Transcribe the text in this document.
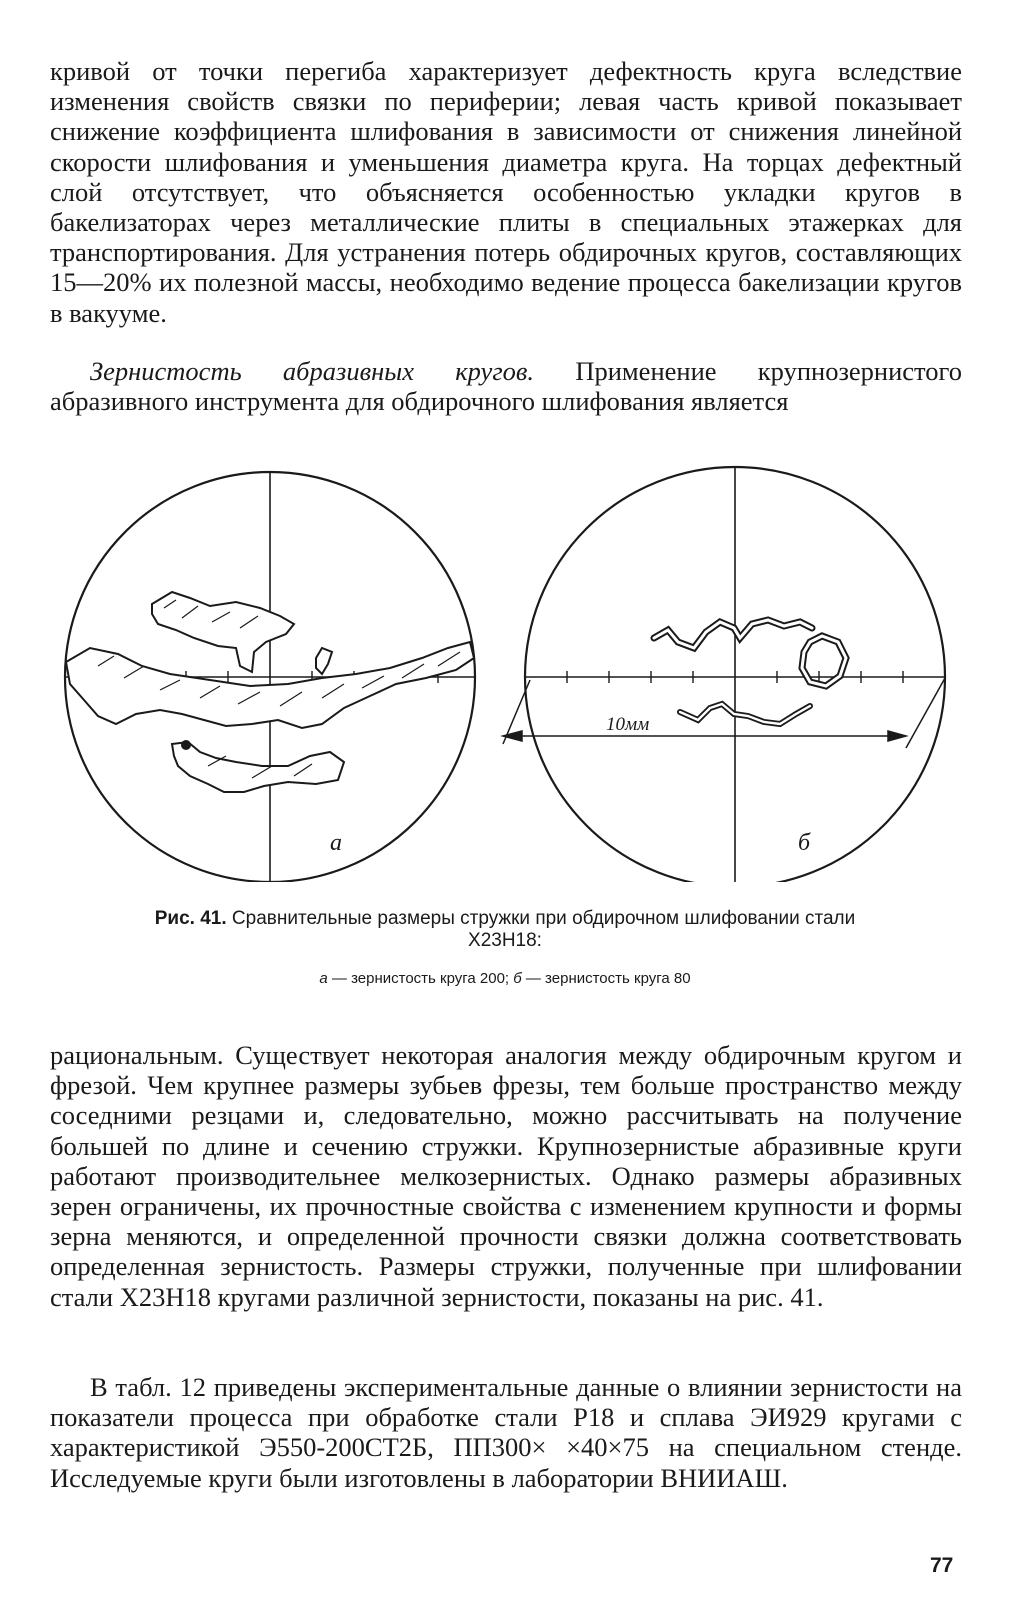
кривой от точки перегиба характеризует дефектность круга вследствие изменения свойств связки по периферии; левая часть кривой показывает снижение коэффициента шлифования в зависимости от снижения линейной скорости шлифования и уменьшения диаметра круга. На торцах дефектный слой отсутствует, что объясняется особенностью укладки кругов в бакелизаторах через металлические плиты в специальных этажерках для транспортирования. Для устранения потерь обдирочных кругов, составляющих 15—20% их полезной массы, необходимо ведение процесса бакелизации кругов в вакууме.

Зернистость абразивных кругов. Применение крупнозернистого абразивного инструмента для обдирочного шлифования является

а
10мм
б
Рис. 41. Сравнительные размеры стружки при обдирочном шлифовании стали
Х23Н18:
а — зернистость круга 200; б — зернистость круга 80

рациональным. Существует некоторая аналогия между обдирочным кругом и фрезой. Чем крупнее размеры зубьев фрезы, тем больше пространство между соседними резцами и, следовательно, можно рассчитывать на получение большей по длине и сечению стружки. Крупнозернистые абразивные круги работают производительнее мелкозернистых. Однако размеры абразивных зерен ограничены, их прочностные свойства с изменением крупности и формы зерна меняются, и определенной прочности связки должна соответствовать определенная зернистость. Размеры стружки, полученные при шлифовании стали Х23Н18 кругами различной зернистости, показаны на рис. 41.

В табл. 12 приведены экспериментальные данные о влиянии зернистости на показатели процесса при обработке стали Р18 и сплава ЭИ929 кругами с характеристикой Э550-200СТ2Б, ПП300× ×40×75 на специальном стенде. Исследуемые круги были изготовлены в лаборатории ВНИИАШ.

77
